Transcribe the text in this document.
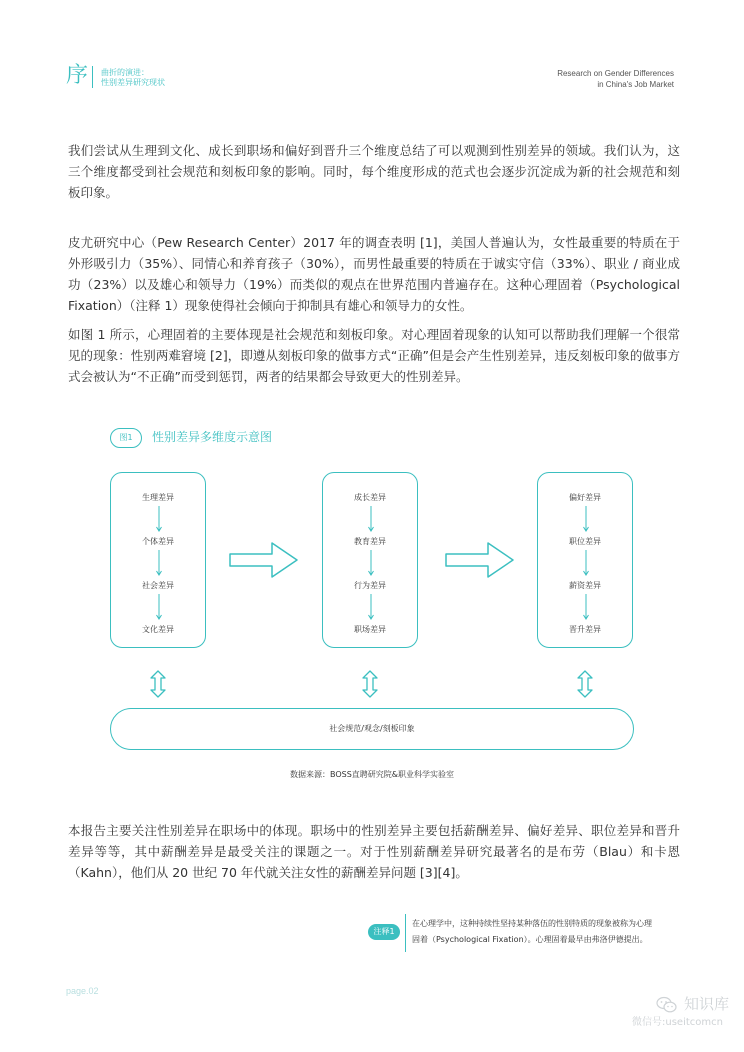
序 曲折的演进：
性别差异研究现状
Research on Gender Differences
in China's Job Market
我们尝试从生理到文化、成长到职场和偏好到晋升三个维度总结了可以观测到性别差异的领域。我们认为，这三个维度都受到社会规范和刻板印象的影响。同时，每个维度形成的范式也会逐步沉淀成为新的社会规范和刻板印象。
皮尤研究中心（Pew Research Center）2017 年的调查表明 [1]，美国人普遍认为，女性最重要的特质在于外形吸引力（35%）、同情心和养育孩子（30%），而男性最重要的特质在于诚实守信（33%）、职业 / 商业成功（23%）以及雄心和领导力（19%）而类似的观点在世界范围内普遍存在。这种心理固着（Psychological Fixation）（注释 1）现象使得社会倾向于抑制具有雄心和领导力的女性。
如图 1 所示，心理固着的主要体现是社会规范和刻板印象。对心理固着现象的认知可以帮助我们理解一个很常见的现象：性别两难窘境 [2]，即遵从刻板印象的做事方式“正确”但是会产生性别差异，违反刻板印象的做事方式会被认为“不正确”而受到惩罚，两者的结果都会导致更大的性别差异。
图1	性别差异多维度示意图
生理差异
个体差异
社会差异
文化差异
成长差异
教育差异
行为差异
职场差异
偏好差异
职位差异
薪资差异
晋升差异
社会规范/观念/刻板印象
数据来源：BOSS直聘研究院&职业科学实验室
本报告主要关注性别差异在职场中的体现。职场中的性别差异主要包括薪酬差异、偏好差异、职位差异和晋升差异等等，其中薪酬差异是最受关注的课题之一。对于性别薪酬差异研究最著名的是布劳（Blau）和卡恩（Kahn），他们从 20 世纪 70 年代就关注女性的薪酬差异问题 [3][4]。
注释1
在心理学中，这种持续性坚持某种落伍的性别特质的现象被称为心理
固着（Psychological Fixation）。心理固着最早由弗洛伊德提出。
page.02
知识库
微信号:useitcomcn
